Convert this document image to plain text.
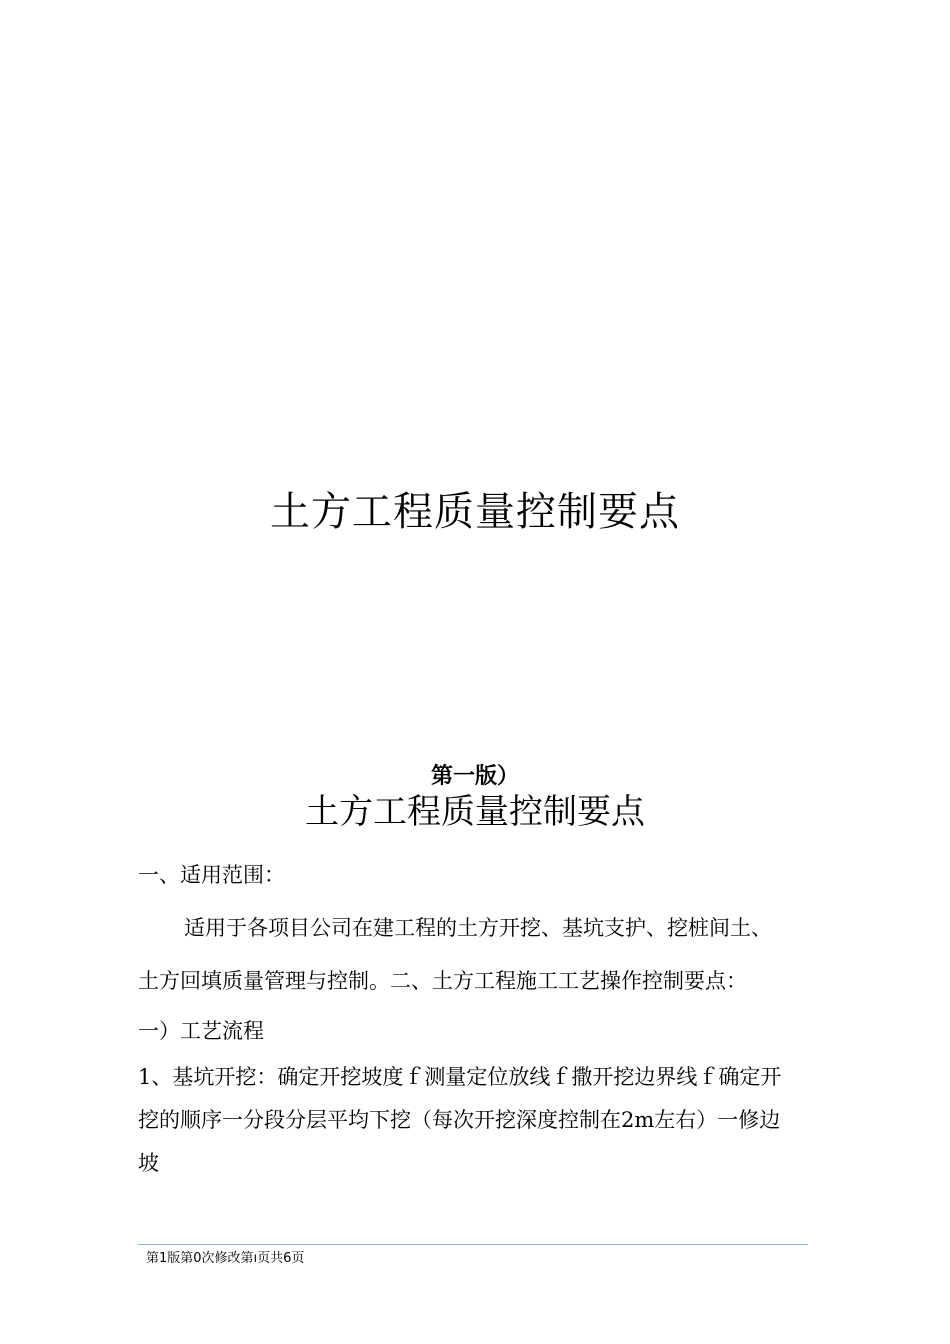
土方工程质量控制要点
第一版）
土方工程质量控制要点
一、适用范围：
适用于各项目公司在建工程的土方开挖、基坑支护、挖桩间土、
土方回填质量管理与控制。二、土方工程施工工艺操作控制要点：
一）工艺流程
1、基坑开挖：确定开挖坡度ｆ测量定位放线ｆ撒开挖边界线ｆ确定开
挖的顺序一分段分层平均下挖（每次开挖深度控制在2m左右）一修边
坡
第1版第0次修改第ı页共6页
